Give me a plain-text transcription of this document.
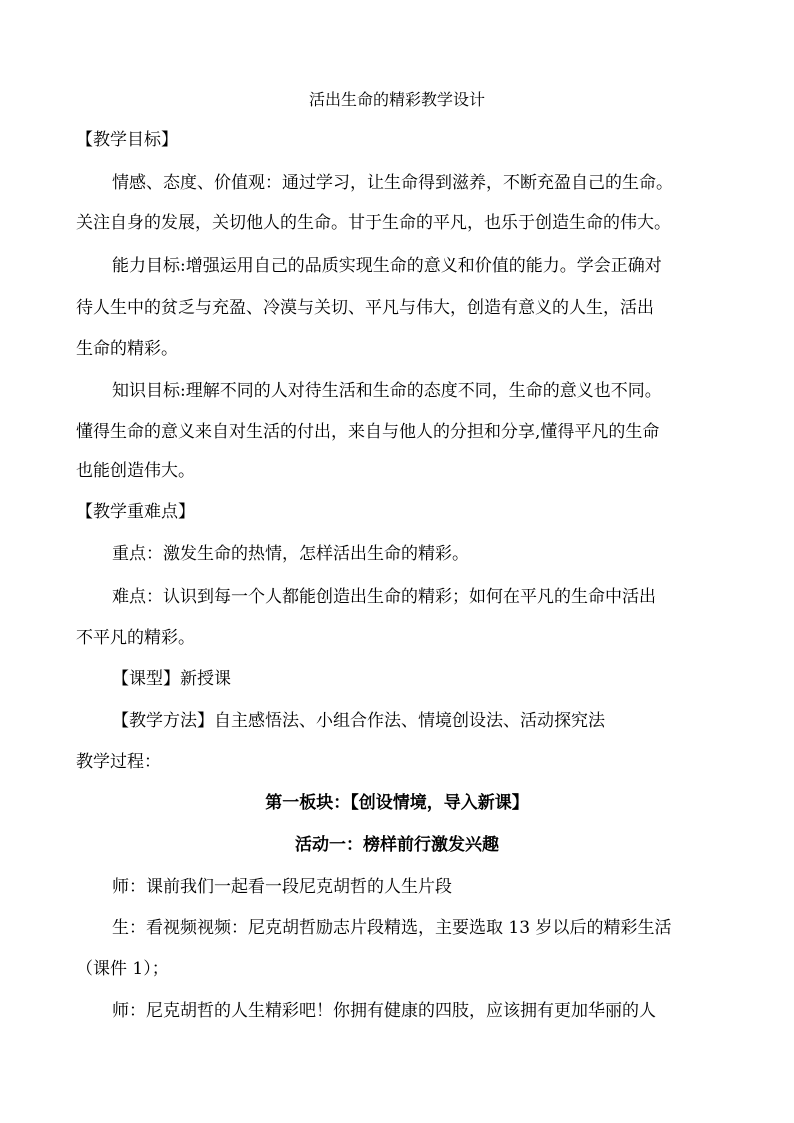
活出生命的精彩教学设计
【教学目标】
情感、态度、价值观：通过学习，让生命得到滋养，不断充盈自己的生命。
关注自身的发展，关切他人的生命。甘于生命的平凡，也乐于创造生命的伟大。
能力目标:增强运用自己的品质实现生命的意义和价值的能力。学会正确对
待人生中的贫乏与充盈、冷漠与关切、平凡与伟大，创造有意义的人生，活出
生命的精彩。
知识目标:理解不同的人对待生活和生命的态度不同，生命的意义也不同。
懂得生命的意义来自对生活的付出，来自与他人的分担和分享,懂得平凡的生命
也能创造伟大。
【教学重难点】
重点：激发生命的热情，怎样活出生命的精彩。
难点：认识到每一个人都能创造出生命的精彩；如何在平凡的生命中活出
不平凡的精彩。
【课型】新授课
【教学方法】自主感悟法、小组合作法、情境创设法、活动探究法
教学过程：
第一板块：【创设情境，导入新课】
活动一：榜样前行激发兴趣
师：课前我们一起看一段尼克胡哲的人生片段
生：看视频视频：尼克胡哲励志片段精选，主要选取 13 岁以后的精彩生活
（课件 1）；
师：尼克胡哲的人生精彩吧！你拥有健康的四肢，应该拥有更加华丽的人
